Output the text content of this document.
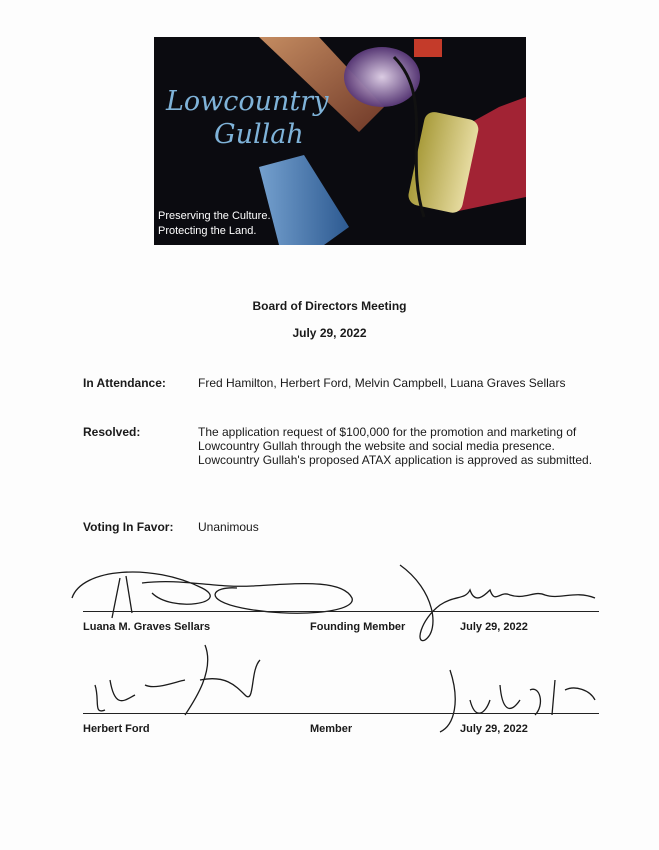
Lowcountry
Gullah
Preserving the Culture.
Protecting the Land.
Board of Directors Meeting
July 29, 2022
In Attendance:	Fred Hamilton, Herbert Ford, Melvin Campbell, Luana Graves Sellars
Resolved:	The application request of $100,000 for the promotion and marketing of Lowcountry Gullah through the website and social media presence. Lowcountry Gullah's proposed ATAX application is approved as submitted.
Voting In Favor: Unanimous
Luana M. Graves Sellars	Founding Member	July 29, 2022
Herbert Ford	Member	July 29, 2022
